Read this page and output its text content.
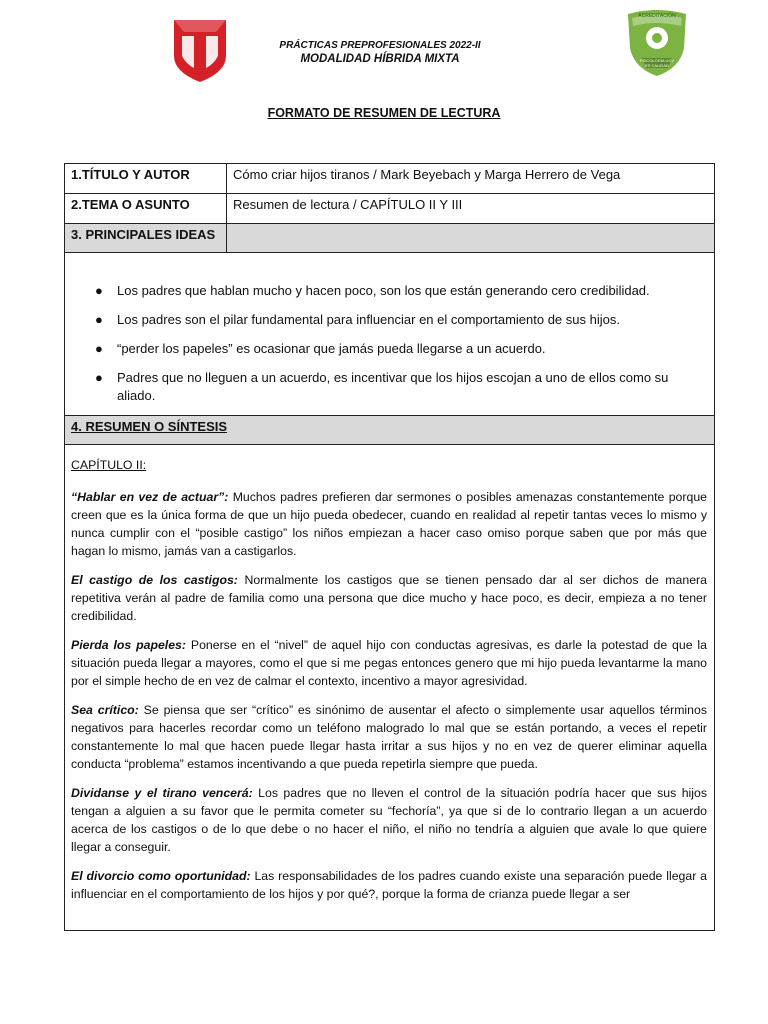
PRÁCTICAS PREPROFESIONALES 2022-II
MODALIDAD HÍBRIDA MIXTA
ACREDITACIÓN
PSICOLOGÍA UCV
ES CALIDAD
FORMATO DE RESUMEN DE LECTURA
1.TÍTULO Y AUTOR	Cómo criar hijos tiranos / Mark Beyebach y Marga Herrero de Vega
2.TEMA O ASUNTO	Resumen de lectura / CAPÍTULO II Y III
3. PRINCIPALES IDEAS
● Los padres que hablan mucho y hacen poco, son los que están generando cero credibilidad.
● Los padres son el pilar fundamental para influenciar en el comportamiento de sus hijos.
● “perder los papeles” es ocasionar que jamás pueda llegarse a un acuerdo.
● Padres que no lleguen a un acuerdo, es incentivar que los hijos escojan a uno de ellos como su aliado.
4. RESUMEN O SÍNTESIS

CAPÍTULO II:

“Hablar en vez de actuar”: Muchos padres prefieren dar sermones o posibles amenazas constantemente porque creen que es la única forma de que un hijo pueda obedecer, cuando en realidad al repetir tantas veces lo mismo y nunca cumplir con el “posible castigo” los niños empiezan a hacer caso omiso porque saben que por más que hagan lo mismo, jamás van a castigarlos.

El castigo de los castigos: Normalmente los castigos que se tienen pensado dar al ser dichos de manera repetitiva verán al padre de familia como una persona que dice mucho y hace poco, es decir, empieza a no tener credibilidad.

Pierda los papeles: Ponerse en el “nivel” de aquel hijo con conductas agresivas, es darle la potestad de que la situación pueda llegar a mayores, como el que si me pegas entonces genero que mi hijo pueda levantarme la mano por el simple hecho de en vez de calmar el contexto, incentivo a mayor agresividad.

Sea crítico: Se piensa que ser “crítico” es sinónimo de ausentar el afecto o simplemente usar aquellos términos negativos para hacerles recordar como un teléfono malogrado lo mal que se están portando, a veces el repetir constantemente lo mal que hacen puede llegar hasta irritar a sus hijos y no en vez de querer eliminar aquella conducta “problema” estamos incentivando a que pueda repetirla siempre que pueda.

Dividanse y el tirano vencerá: Los padres que no lleven el control de la situación podría hacer que sus hijos tengan a alguien a su favor que le permita cometer su “fechoría”, ya que si de lo contrario llegan a un acuerdo acerca de los castigos o de lo que debe o no hacer el niño, el niño no tendría a alguien que avale lo que quiere llegar a conseguir.

El divorcio como oportunidad: Las responsabilidades de los padres cuando existe una separación puede llegar a influenciar en el comportamiento de los hijos y por qué?, porque la forma de crianza puede llegar a ser
